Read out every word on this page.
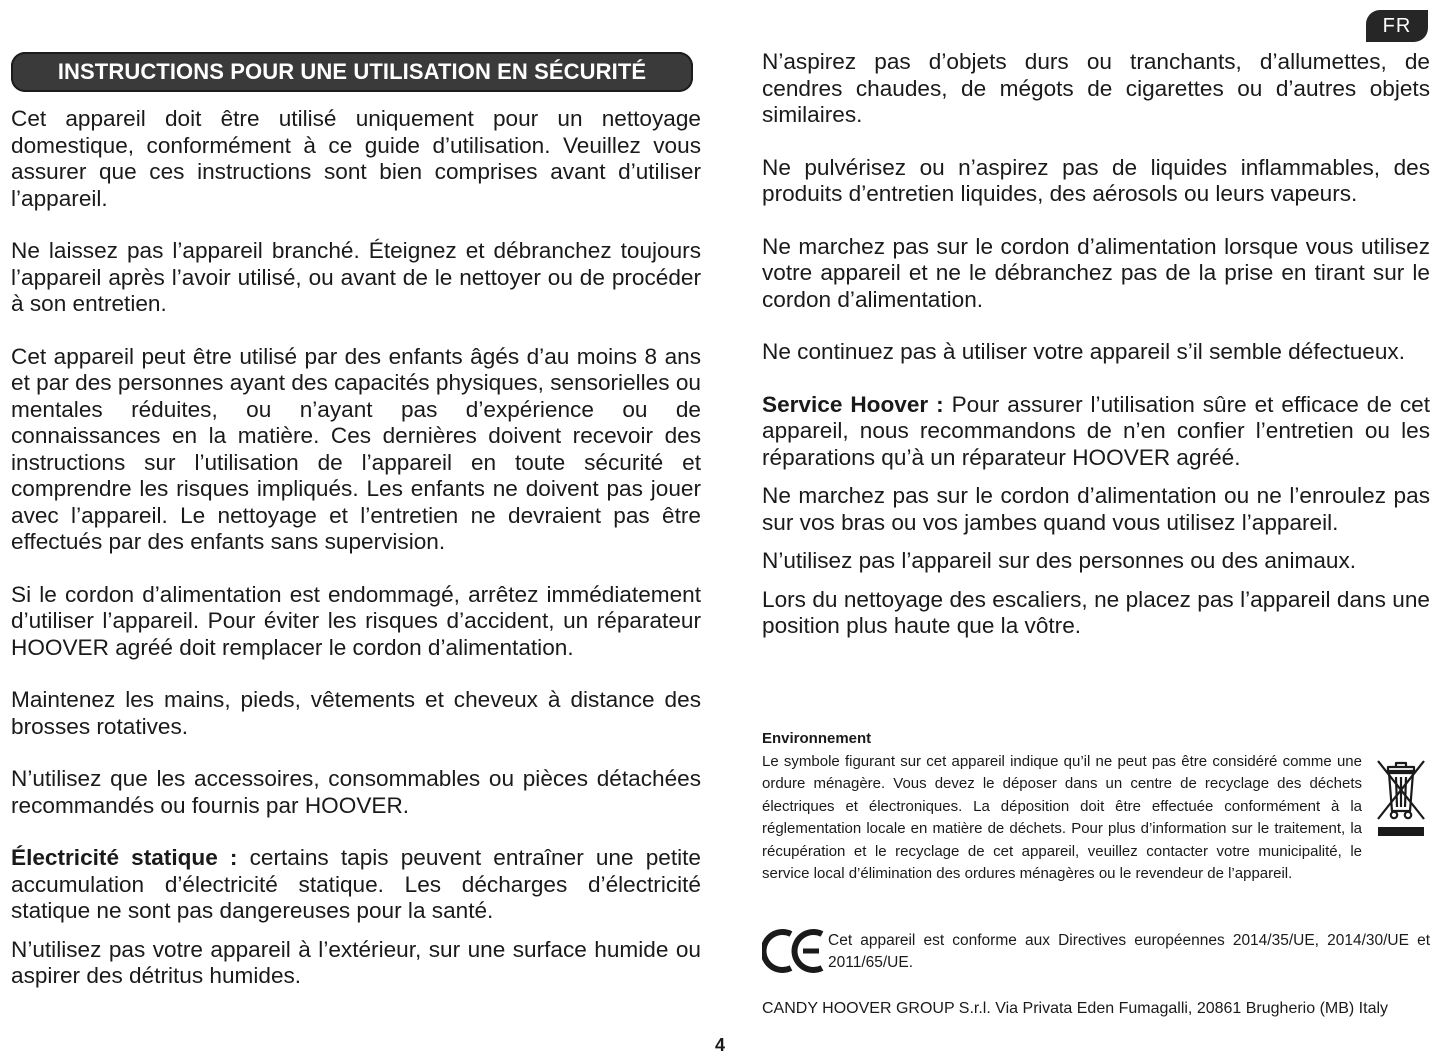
FR
INSTRUCTIONS POUR UNE UTILISATION EN SÉCURITÉ

Cet appareil doit être utilisé uniquement pour un nettoyage domestique, conformément à ce guide d’utilisation. Veuillez vous assurer que ces instructions sont bien comprises avant d’utiliser l’appareil.

Ne laissez pas l’appareil branché. Éteignez et débranchez toujours l’appareil après l’avoir utilisé, ou avant de le nettoyer ou de procéder à son entretien.

Cet appareil peut être utilisé par des enfants âgés d’au moins 8 ans et par des personnes ayant des capacités physiques, sensorielles ou mentales réduites, ou n’ayant pas d’expérience ou de connaissances en la matière. Ces dernières doivent recevoir des instructions sur l’utilisation de l’appareil en toute sécurité et comprendre les risques impliqués. Les enfants ne doivent pas jouer avec l’appareil. Le nettoyage et l’entretien ne devraient pas être effectués par des enfants sans supervision.

Si le cordon d’alimentation est endommagé, arrêtez immédiatement d’utiliser l’appareil. Pour éviter les risques d’accident, un réparateur HOOVER agréé doit remplacer le cordon d’alimentation.

Maintenez les mains, pieds, vêtements et cheveux à distance des brosses rotatives.

N’utilisez que les accessoires, consommables ou pièces détachées recommandés ou fournis par HOOVER.

Électricité statique : certains tapis peuvent entraîner une petite accumulation d’électricité statique. Les décharges d’électricité statique ne sont pas dangereuses pour la santé.

N’utilisez pas votre appareil à l’extérieur, sur une surface humide ou aspirer des détritus humides.

N’aspirez pas d’objets durs ou tranchants, d’allumettes, de cendres chaudes, de mégots de cigarettes ou d’autres objets similaires.

Ne pulvérisez ou n’aspirez pas de liquides inflammables, des produits d’entretien liquides, des aérosols ou leurs vapeurs.

Ne marchez pas sur le cordon d’alimentation lorsque vous utilisez votre appareil et ne le débranchez pas de la prise en tirant sur le cordon d’alimentation.

Ne continuez pas à utiliser votre appareil s’il semble défectueux.

Service Hoover : Pour assurer l’utilisation sûre et efficace de cet appareil, nous recommandons de n’en confier l’entretien ou les réparations qu’à un réparateur HOOVER agréé.

Ne marchez pas sur le cordon d’alimentation ou ne l’enroulez pas sur vos bras ou vos jambes quand vous utilisez l’appareil.

N’utilisez pas l’appareil sur des personnes ou des animaux.

Lors du nettoyage des escaliers, ne placez pas l’appareil dans une position plus haute que la vôtre.

Environnement

Le symbole figurant sur cet appareil indique qu’il ne peut pas être considéré comme une ordure ménagère. Vous devez le déposer dans un centre de recyclage des déchets électriques et électroniques. La déposition doit être effectuée conformément à la réglementation locale en matière de déchets. Pour plus d’information sur le traitement, la récupération et le recyclage de cet appareil, veuillez contacter votre municipalité, le service local d’élimination des ordures ménagères ou le revendeur de l’appareil.

Cet appareil est conforme aux Directives européennes 2014/35/UE, 2014/30/UE et 2011/65/UE.
CANDY HOOVER GROUP S.r.l. Via Privata Eden Fumagalli, 20861 Brugherio (MB) Italy
4
